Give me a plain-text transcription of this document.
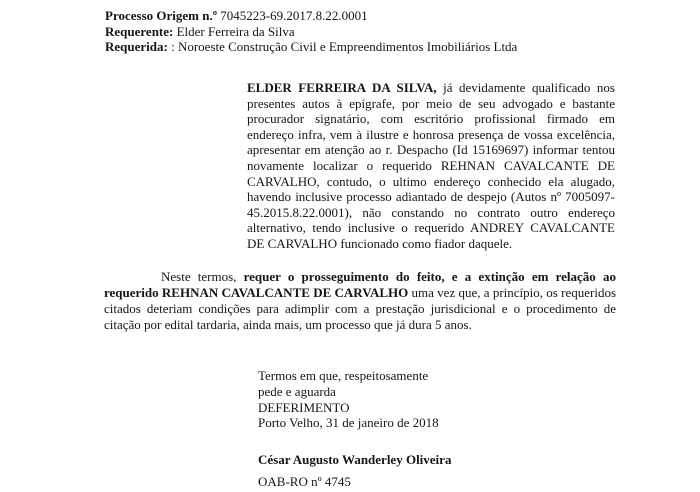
Processo Origem n.º 7045223-69.2017.8.22.0001
Requerente: Elder Ferreira da Silva
Requerida: : Noroeste Construção Civil e Empreendimentos Imobiliários Ltda

ELDER FERREIRA DA SILVA, já devidamente qualificado nos presentes autos à epígrafe, por meio de seu advogado e bastante procurador signatário, com escritório profissional firmado em endereço infra, vem à ilustre e honrosa presença de vossa excelência, apresentar em atenção ao r. Despacho (Id 15169697) informar tentou novamente localizar o requerido REHNAN CAVALCANTE DE CARVALHO, contudo, o ultimo endereço conhecido ela alugado, havendo inclusive processo adiantado de despejo (Autos nº 7005097-45.2015.8.22.0001), não constando no contrato outro endereço alternativo, tendo inclusive o requerido ANDREY CAVALCANTE DE CARVALHO funcionado como fiador daquele.

Neste termos, requer o prosseguimento do feito, e a extinção em relação ao requerido REHNAN CAVALCANTE DE CARVALHO uma vez que, a princípio, os requeridos citados deteriam condições para adimplir com a prestação jurisdicional e o procedimento de citação por edital tardaria, ainda mais, um processo que já dura 5 anos.

Termos em que, respeitosamente
pede e aguarda
DEFERIMENTO
Porto Velho, 31 de janeiro de 2018
César Augusto Wanderley Oliveira
OAB-RO nº 4745
